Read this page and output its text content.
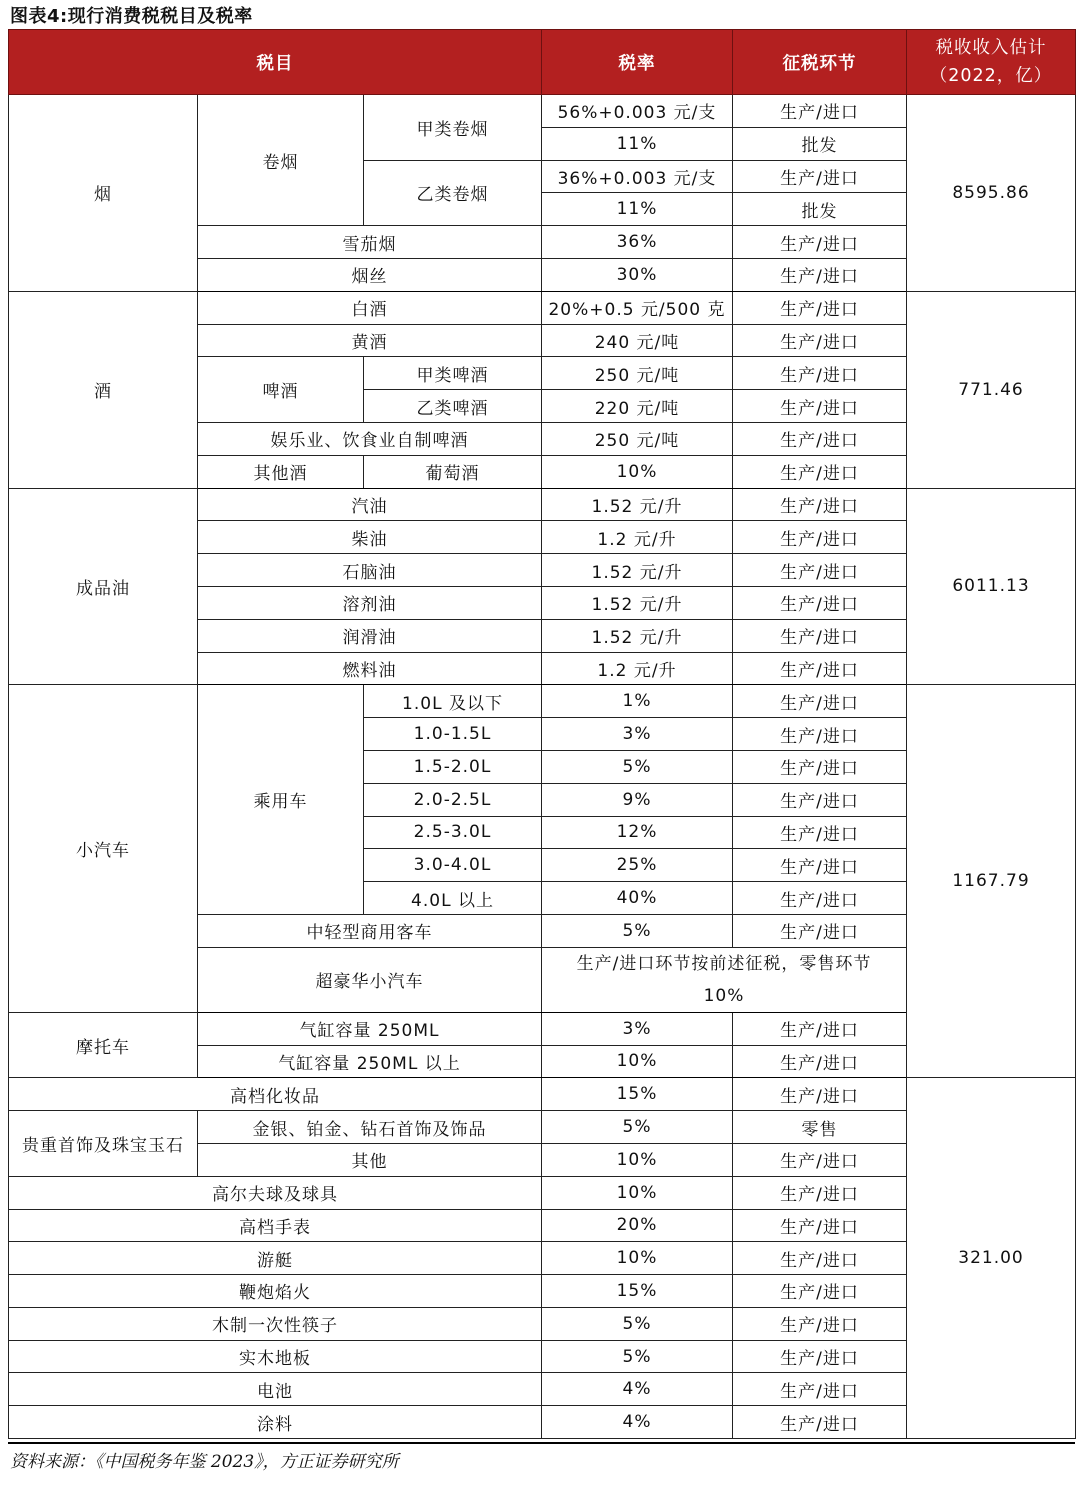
图表4:现行消费税税目及税率
税目			税率	征税环节	税收收入估计
（2022，亿）

烟	卷烟	甲类卷烟	56%+0.003 元/支	生产/进口	8595.86
			11%	批发	
		乙类卷烟	36%+0.003 元/支	生产/进口	
			11%	批发	
	雪茄烟		36%	生产/进口	
	烟丝		30%	生产/进口	
酒	白酒		20%+0.5 元/500 克	生产/进口	771.46
	黄酒		240 元/吨	生产/进口	
	啤酒	甲类啤酒	250 元/吨	生产/进口	
		乙类啤酒	220 元/吨	生产/进口	
	娱乐业、饮食业自制啤酒		250 元/吨	生产/进口	
	其他酒	葡萄酒	10%	生产/进口	
成品油	汽油		1.52 元/升	生产/进口	6011.13
	柴油		1.2 元/升	生产/进口	
	石脑油		1.52 元/升	生产/进口	
	溶剂油		1.52 元/升	生产/进口	
	润滑油		1.52 元/升	生产/进口	
	燃料油		1.2 元/升	生产/进口	
小汽车	乘用车	1.0L 及以下	1%	生产/进口	1167.79
		1.0-1.5L	3%	生产/进口	
		1.5-2.0L	5%	生产/进口	
		2.0-2.5L	9%	生产/进口	
		2.5-3.0L	12%	生产/进口	
		3.0-4.0L	25%	生产/进口	
		4.0L 以上	40%	生产/进口	
	中轻型商用客车		5%	生产/进口	
	超豪华小汽车		生产/进口环节按前述征税，零售环节
10%		

摩托车	气缸容量 250ML		3%	生产/进口	
	气缸容量 250ML 以上		10%	生产/进口	
高档化妆品			15%	生产/进口	321.00
贵重首饰及珠宝玉石	金银、铂金、钻石首饰及饰品		5%	零售	
	其他		10%	生产/进口	
高尔夫球及球具			10%	生产/进口	
高档手表			20%	生产/进口	
游艇			10%	生产/进口	
鞭炮焰火			15%	生产/进口	
木制一次性筷子			5%	生产/进口	
实木地板			5%	生产/进口	
电池			4%	生产/进口	
涂料			4%	生产/进口	
资料来源：《中国税务年鉴 2023》，方正证券研究所
